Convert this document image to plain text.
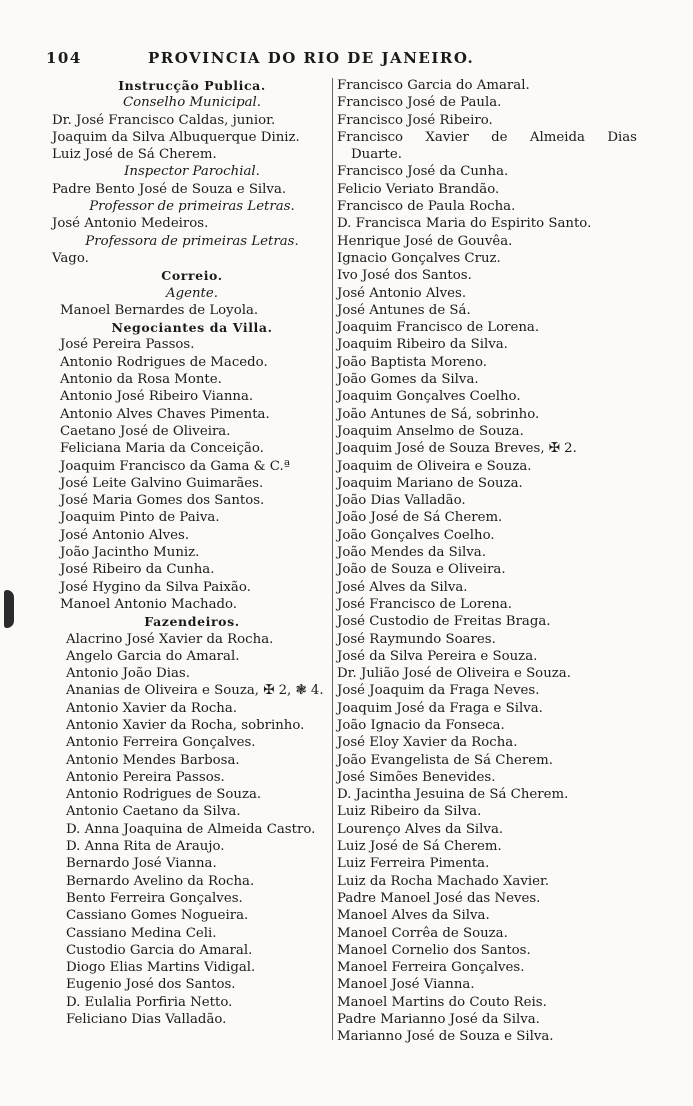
104	PROVINCIA DO RIO DE JANEIRO.
Instrucção Publica.
Conselho Municipal.
Dr. José Francisco Caldas, junior.
Joaquim da Silva Albuquerque Diniz.
Luiz José de Sá Cherem.
Inspector Parochial.
Padre Bento José de Souza e Silva.
Professor de primeiras Letras.
José Antonio Medeiros.
Professora de primeiras Letras.
Vago.
Correio.
Agente.
Manoel Bernardes de Loyola.
Negociantes da Villa.
José Pereira Passos.
Antonio Rodrigues de Macedo.
Antonio da Rosa Monte.
Antonio José Ribeiro Vianna.
Antonio Alves Chaves Pimenta.
Caetano José de Oliveira.
Feliciana Maria da Conceição.
Joaquim Francisco da Gama & C.ª
José Leite Galvino Guimarães.
José Maria Gomes dos Santos.
Joaquim Pinto de Paiva.
José Antonio Alves.
João Jacintho Muniz.
José Ribeiro da Cunha.
José Hygino da Silva Paixão.
Manoel Antonio Machado.
Fazendeiros.
Alacrino José Xavier da Rocha.
Angelo Garcia do Amaral.
Antonio João Dias.
Ananias de Oliveira e Souza, ✠ 2, ❃ 4.
Antonio Xavier da Rocha.
Antonio Xavier da Rocha, sobrinho.
Antonio Ferreira Gonçalves.
Antonio Mendes Barbosa.
Antonio Pereira Passos.
Antonio Rodrigues de Souza.
Antonio Caetano da Silva.
D. Anna Joaquina de Almeida Castro.
D. Anna Rita de Araujo.
Bernardo José Vianna.
Bernardo Avelino da Rocha.
Bento Ferreira Gonçalves.
Cassiano Gomes Nogueira.
Cassiano Medina Celi.
Custodio Garcia do Amaral.
Diogo Elias Martins Vidigal.
Eugenio José dos Santos.
D. Eulalia Porfiria Netto.
Feliciano Dias Valladão.
Francisco Garcia do Amaral.
Francisco José de Paula.
Francisco José Ribeiro.
Francisco Xavier de Almeida Dias
Duarte.
Francisco José da Cunha.
Felicio Veriato Brandão.
Francisco de Paula Rocha.
D. Francisca Maria do Espirito Santo.
Henrique José de Gouvêa.
Ignacio Gonçalves Cruz.
Ivo José dos Santos.
José Antonio Alves.
José Antunes de Sá.
Joaquim Francisco de Lorena.
Joaquim Ribeiro da Silva.
João Baptista Moreno.
João Gomes da Silva.
Joaquim Gonçalves Coelho.
João Antunes de Sá, sobrinho.
Joaquim Anselmo de Souza.
Joaquim José de Souza Breves, ✠ 2.
Joaquim de Oliveira e Souza.
Joaquim Mariano de Souza.
João Dias Valladão.
João José de Sá Cherem.
João Gonçalves Coelho.
João Mendes da Silva.
João de Souza e Oliveira.
José Alves da Silva.
José Francisco de Lorena.
José Custodio de Freitas Braga.
José Raymundo Soares.
José da Silva Pereira e Souza.
Dr. Julião José de Oliveira e Souza.
José Joaquim da Fraga Neves.
Joaquim José da Fraga e Silva.
João Ignacio da Fonseca.
José Eloy Xavier da Rocha.
João Evangelista de Sá Cherem.
José Simões Benevides.
D. Jacintha Jesuina de Sá Cherem.
Luiz Ribeiro da Silva.
Lourenço Alves da Silva.
Luiz José de Sá Cherem.
Luiz Ferreira Pimenta.
Luiz da Rocha Machado Xavier.
Padre Manoel José das Neves.
Manoel Alves da Silva.
Manoel Corrêa de Souza.
Manoel Cornelio dos Santos.
Manoel Ferreira Gonçalves.
Manoel José Vianna.
Manoel Martins do Couto Reis.
Padre Marianno José da Silva.
Marianno José de Souza e Silva.
